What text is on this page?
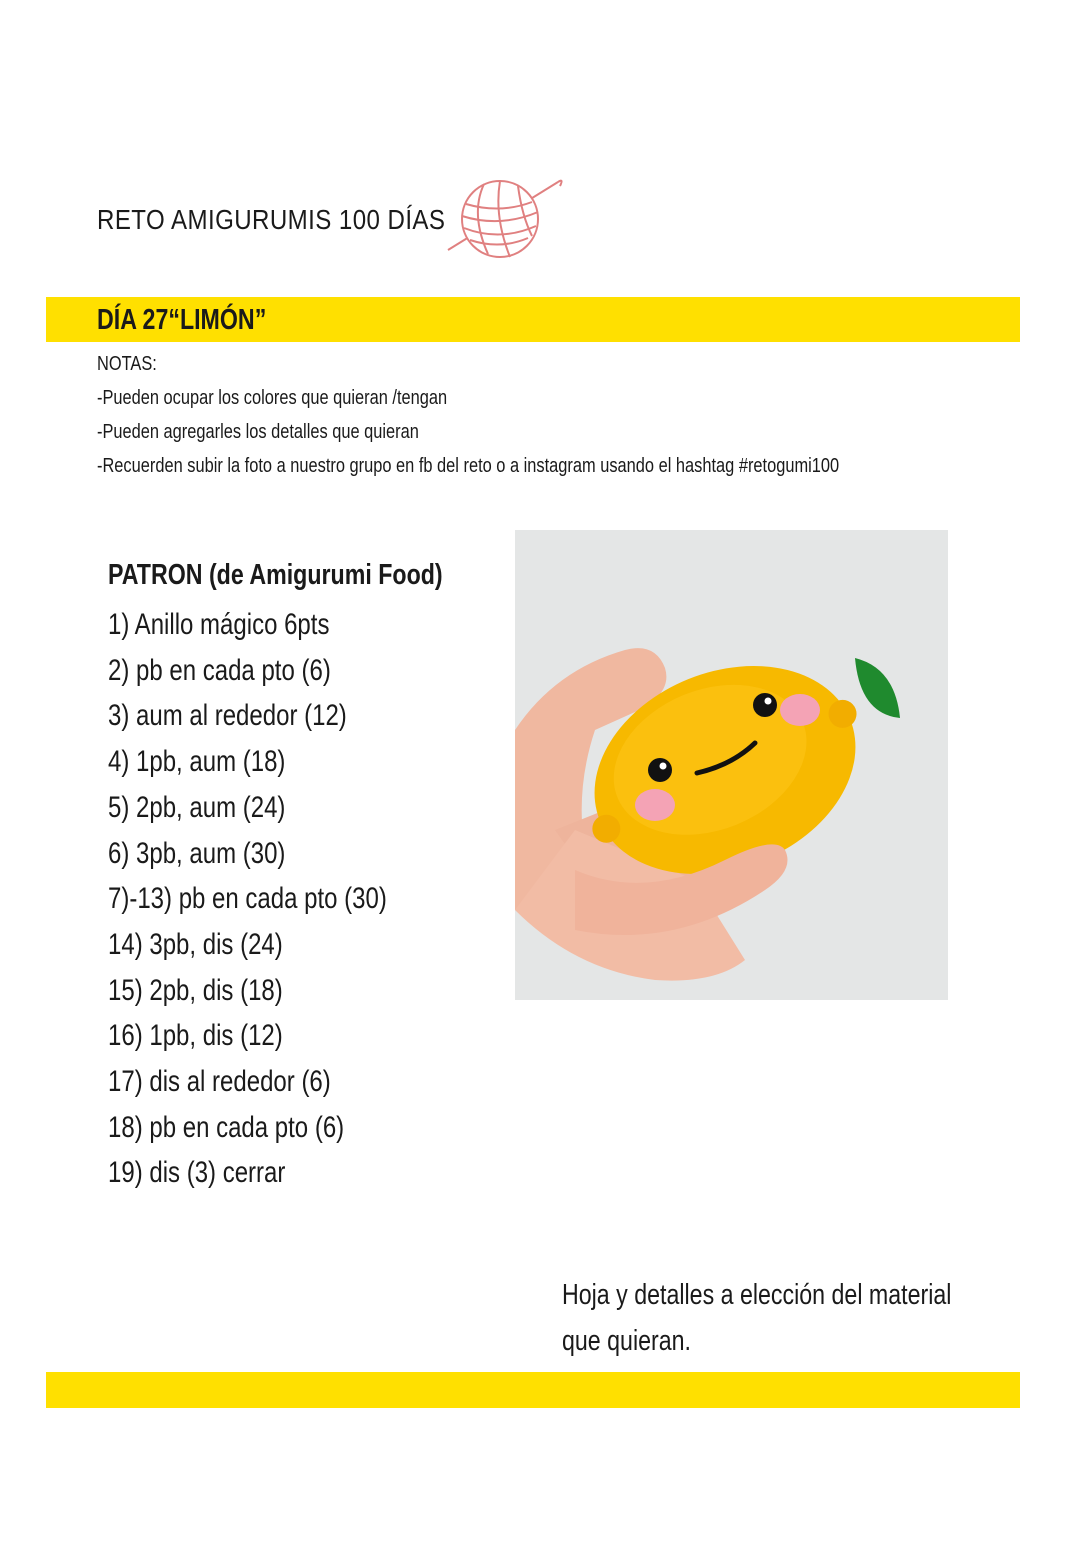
RETO AMIGURUMIS 100 DÍAS
DÍA 27“LIMÓN”
NOTAS:
-Pueden ocupar los colores que quieran /tengan
-Pueden agregarles los detalles que quieran
-Recuerden subir la foto a nuestro grupo en fb del reto o a instagram usando el hashtag #retogumi100
PATRON (de Amigurumi Food)
1) Anillo mágico 6pts
2) pb en cada pto (6)
3) aum al rededor (12)
4) 1pb, aum (18)
5) 2pb, aum (24)
6) 3pb, aum (30)
7)-13) pb en cada pto (30)
14) 3pb, dis (24)
15) 2pb, dis (18)
16) 1pb, dis (12)
17) dis al rededor (6)
18) pb en cada pto (6)
19) dis (3) cerrar
Hoja y detalles a elección del material que quieran.
